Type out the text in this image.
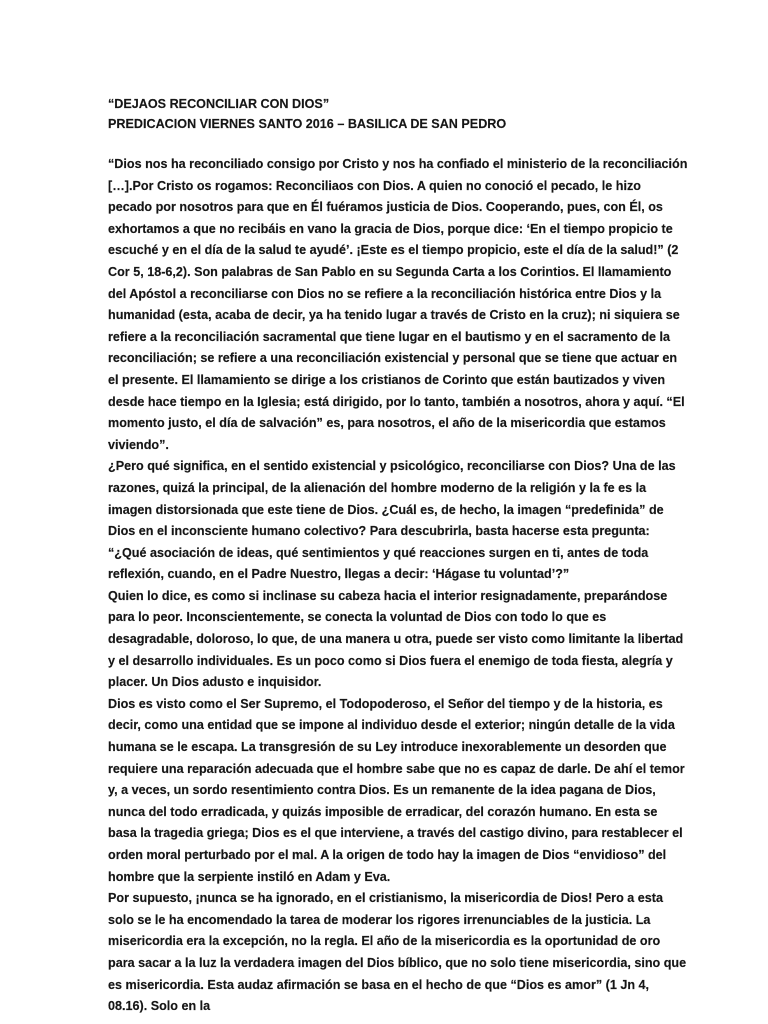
“DEJAOS RECONCILIAR CON DIOS”
PREDICACION VIERNES SANTO 2016 – BASILICA DE SAN PEDRO

“Dios nos ha reconciliado consigo por Cristo y nos ha confiado el ministerio de la reconciliación […].Por Cristo os rogamos: Reconciliaos con Dios. A quien no conoció el pecado, le hizo pecado por nosotros para que en Él fuéramos justicia de Dios. Cooperando, pues, con Él, os exhortamos a que no recibáis en vano la gracia de Dios, porque dice: ‘En el tiempo propicio te escuché y en el día de la salud te ayudé’. ¡Este es el tiempo propicio, este el día de la salud!” (2 Cor 5, 18-6,2). Son palabras de San Pablo en su Segunda Carta a los Corintios. El llamamiento del Apóstol a reconciliarse con Dios no se refiere a la reconciliación histórica entre Dios y la humanidad (esta, acaba de decir, ya ha tenido lugar a través de Cristo en la cruz); ni siquiera se refiere a la reconciliación sacramental que tiene lugar en el bautismo y en el sacramento de la reconciliación; se refiere a una reconciliación existencial y personal que se tiene que actuar en el presente. El llamamiento se dirige a los cristianos de Corinto que están bautizados y viven desde hace tiempo en la Iglesia; está dirigido, por lo tanto, también a nosotros, ahora y aquí. “El momento justo, el día de salvación” es, para nosotros, el año de la misericordia que estamos viviendo”.

¿Pero qué significa, en el sentido existencial y psicológico, reconciliarse con Dios? Una de las razones, quizá la principal, de la alienación del hombre moderno de la religión y la fe es la imagen distorsionada que este tiene de Dios. ¿Cuál es, de hecho, la imagen “predefinida” de Dios en el inconsciente humano colectivo? Para descubrirla, basta hacerse esta pregunta: “¿Qué asociación de ideas, qué sentimientos y qué reacciones surgen en ti, antes de toda reflexión, cuando, en el Padre Nuestro, llegas a decir: ‘Hágase tu voluntad’?”

Quien lo dice, es como si inclinase su cabeza hacia el interior resignadamente, preparándose para lo peor. Inconscientemente, se conecta la voluntad de Dios con todo lo que es desagradable, doloroso, lo que, de una manera u otra, puede ser visto como limitante la libertad y el desarrollo individuales. Es un poco como si Dios fuera el enemigo de toda fiesta, alegría y placer. Un Dios adusto e inquisidor.

Dios es visto como el Ser Supremo, el Todopoderoso, el Señor del tiempo y de la historia, es decir, como una entidad que se impone al individuo desde el exterior; ningún detalle de la vida humana se le escapa. La transgresión de su Ley introduce inexorablemente un desorden que requiere una reparación adecuada que el hombre sabe que no es capaz de darle. De ahí el temor y, a veces, un sordo resentimiento contra Dios. Es un remanente de la idea pagana de Dios, nunca del todo erradicada, y quizás imposible de erradicar, del corazón humano. En esta se basa la tragedia griega; Dios es el que interviene, a través del castigo divino, para restablecer el orden moral perturbado por el mal. A la origen de todo hay la imagen de Dios “envidioso” del hombre que la serpiente instiló en Adam y Eva.

Por supuesto, ¡nunca se ha ignorado, en el cristianismo, la misericordia de Dios! Pero a esta solo se le ha encomendado la tarea de moderar los rigores irrenunciables de la justicia. La misericordia era la excepción, no la regla. El año de la misericordia es la oportunidad de oro para sacar a la luz la verdadera imagen del Dios bíblico, que no solo tiene misericordia, sino que es misericordia. Esta audaz afirmación se basa en el hecho de que “Dios es amor” (1 Jn 4, 08.16). Solo en la
